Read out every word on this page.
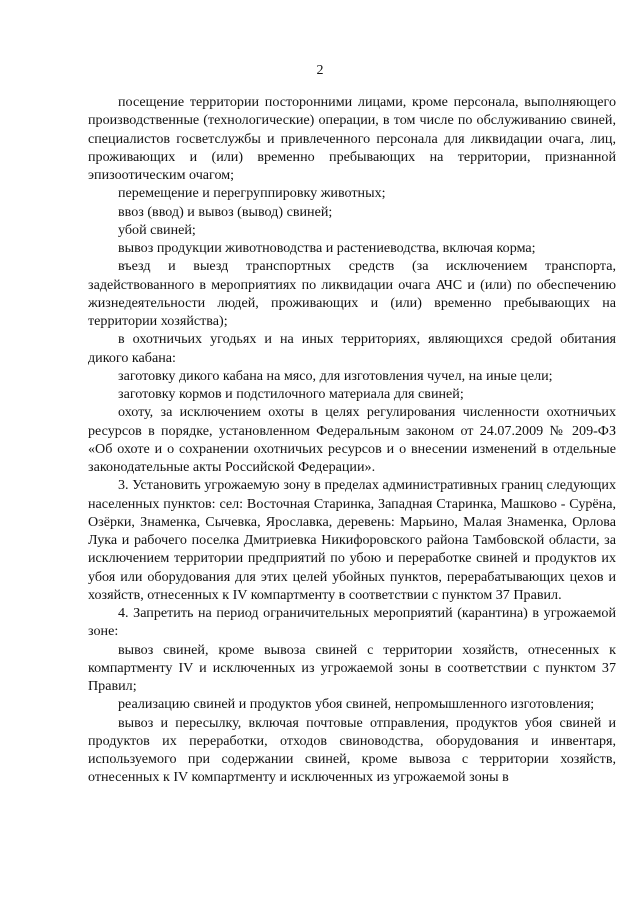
2

посещение территории посторонними лицами, кроме персонала, выполняющего производственные (технологические) операции, в том числе по обслуживанию свиней, специалистов госветслужбы и привлеченного персонала для ликвидации очага, лиц, проживающих и (или) временно пребывающих на территории, признанной эпизоотическим очагом;

перемещение и перегруппировку животных;

ввоз (ввод) и вывоз (вывод) свиней;

убой свиней;

вывоз продукции животноводства и растениеводства, включая корма;

въезд и выезд транспортных средств (за исключением транспорта, задействованного в мероприятиях по ликвидации очага АЧС и (или) по обеспечению жизнедеятельности людей, проживающих и (или) временно пребывающих на территории хозяйства);

в охотничьих угодьях и на иных территориях, являющихся средой обитания дикого кабана:

заготовку дикого кабана на мясо, для изготовления чучел, на иные цели;

заготовку кормов и подстилочного материала для свиней;

охоту, за исключением охоты в целях регулирования численности охотничьих ресурсов в порядке, установленном Федеральным законом от 24.07.2009 № 209-ФЗ «Об охоте и о сохранении охотничьих ресурсов и о внесении изменений в отдельные законодательные акты Российской Федерации».

3. Установить угрожаемую зону в пределах административных границ следующих населенных пунктов: сел: Восточная Старинка, Западная Старинка, Машково - Сурёна, Озёрки, Знаменка, Сычевка, Ярославка, деревень: Марьино, Малая Знаменка, Орлова Лука и рабочего поселка Дмитриевка Никифоровского района Тамбовской области, за исключением территории предприятий по убою и переработке свиней и продуктов их убоя или оборудования для этих целей убойных пунктов, перерабатывающих цехов и хозяйств, отнесенных к IV компартменту в соответствии с пунктом 37 Правил.

4. Запретить на период ограничительных мероприятий (карантина) в угрожаемой зоне:

вывоз свиней, кроме вывоза свиней с территории хозяйств, отнесенных к компартменту IV и исключенных из угрожаемой зоны в соответствии с пунктом 37 Правил;

реализацию свиней и продуктов убоя свиней, непромышленного изготовления;

вывоз и пересылку, включая почтовые отправления, продуктов убоя свиней и продуктов их переработки, отходов свиноводства, оборудования и инвентаря, используемого при содержании свиней, кроме вывоза с территории хозяйств, отнесенных к IV компартменту и исключенных из угрожаемой зоны в
